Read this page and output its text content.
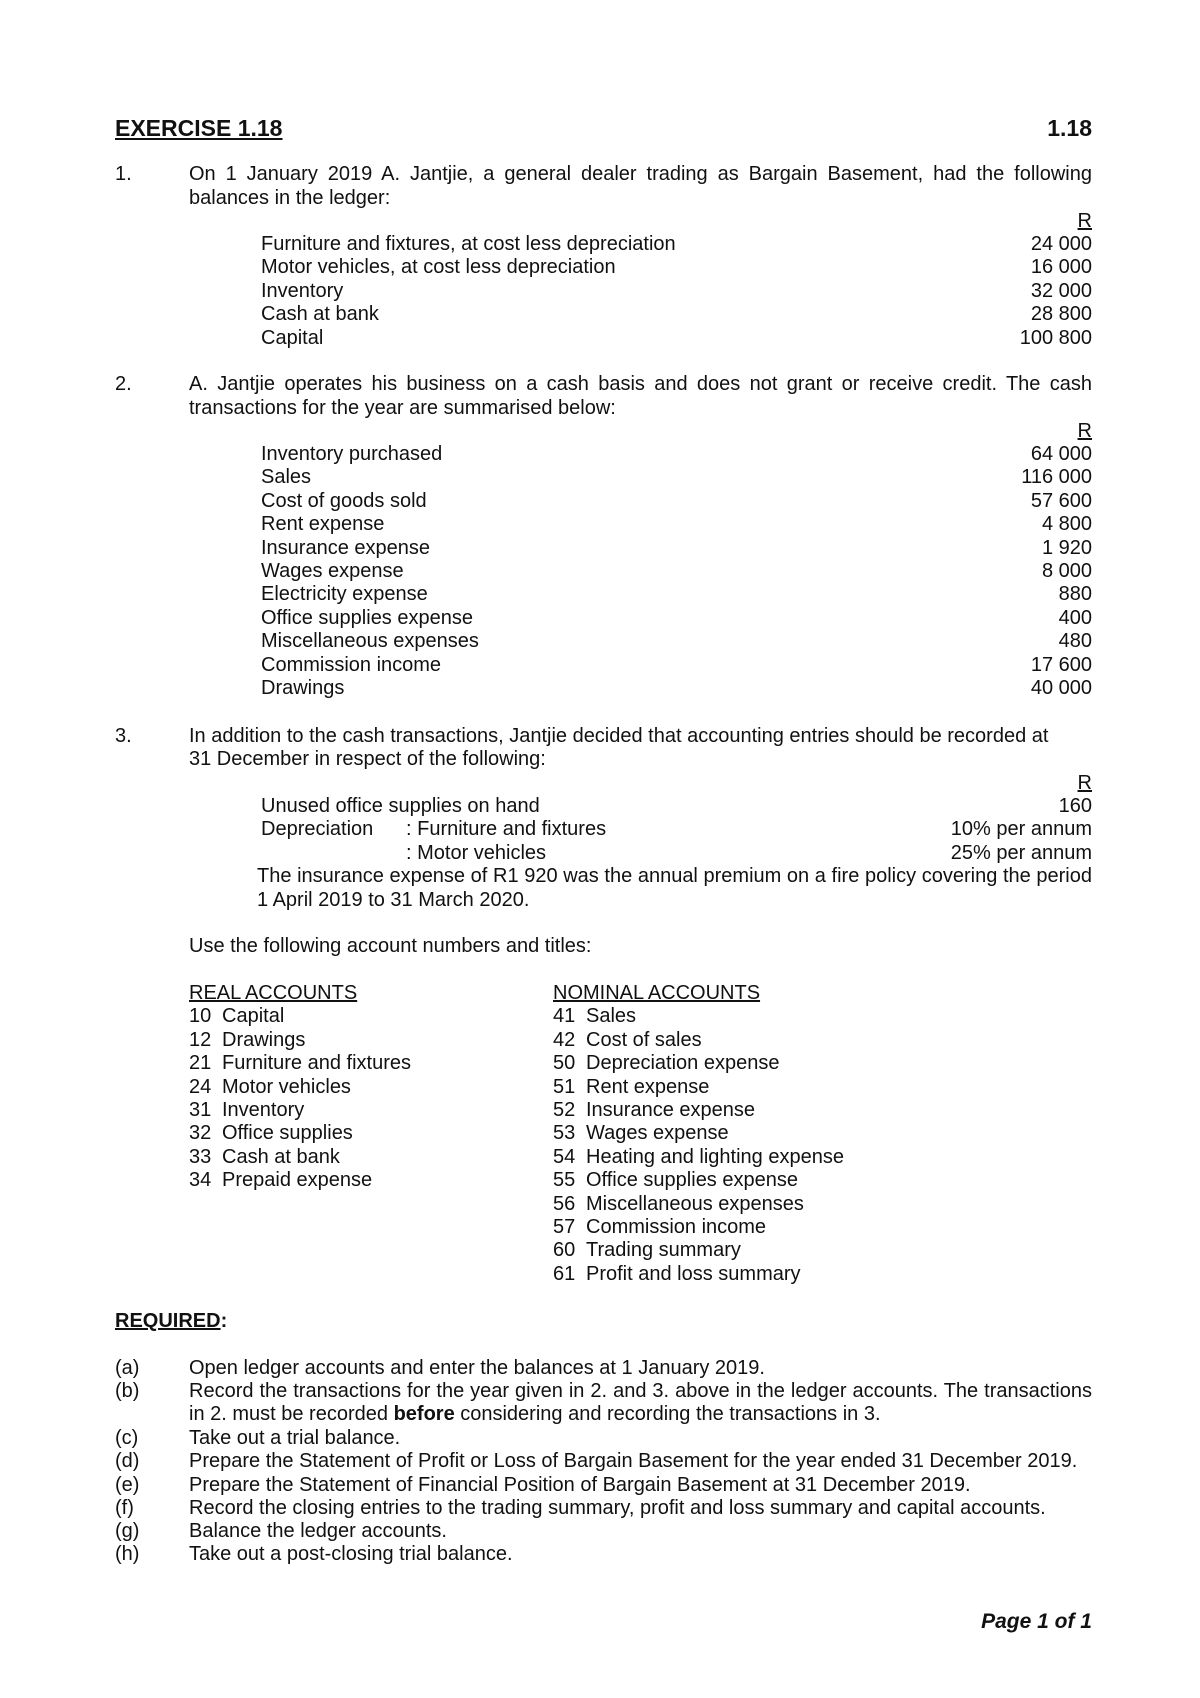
EXERCISE 1.18	1.18
1.	On 1 January 2019 A. Jantjie, a general dealer trading as Bargain Basement, had the following balances in the ledger:
R
Furniture and fixtures, at cost less depreciation	24 000
Motor vehicles, at cost less depreciation	16 000
Inventory	32 000
Cash at bank	28 800
Capital	100 800
2.	A. Jantjie operates his business on a cash basis and does not grant or receive credit. The cash transactions for the year are summarised below:
R
Inventory purchased	64 000
Sales	116 000
Cost of goods sold	57 600
Rent expense	4 800
Insurance expense	1 920
Wages expense	8 000
Electricity expense	880
Office supplies expense	400
Miscellaneous expenses	480
Commission income	17 600
Drawings	40 000
3.	In addition to the cash transactions, Jantjie decided that accounting entries should be recorded at
31 December in respect of the following:
R
Unused office supplies on hand	160
Depreciation : Furniture and fixtures	10% per annum
: Motor vehicles	25% per annum
The insurance expense of R1 920 was the annual premium on a fire policy covering the period 1 April 2019 to 31 March 2020.
Use the following account numbers and titles:
REAL ACCOUNTS
10 Capital
12 Drawings
21 Furniture and fixtures
24 Motor vehicles
31 Inventory
32 Office supplies
33 Cash at bank
34 Prepaid expense
NOMINAL ACCOUNTS
41 Sales
42 Cost of sales
50 Depreciation expense
51 Rent expense
52 Insurance expense
53 Wages expense
54 Heating and lighting expense
55 Office supplies expense
56 Miscellaneous expenses
57 Commission income
60 Trading summary
61 Profit and loss summary
REQUIRED:
(a) Open ledger accounts and enter the balances at 1 January 2019.
(b) Record the transactions for the year given in 2. and 3. above in the ledger accounts. The transactions in 2. must be recorded before considering and recording the transactions in 3.
(c)	Take out a trial balance.
(d) Prepare the Statement of Profit or Loss of Bargain Basement for the year ended 31 December 2019.
(e) Prepare the Statement of Financial Position of Bargain Basement at 31 December 2019.
(f)	Record the closing entries to the trading summary, profit and loss summary and capital accounts.
(g) Balance the ledger accounts.
(h) Take out a post-closing trial balance.
Page 1 of 1
